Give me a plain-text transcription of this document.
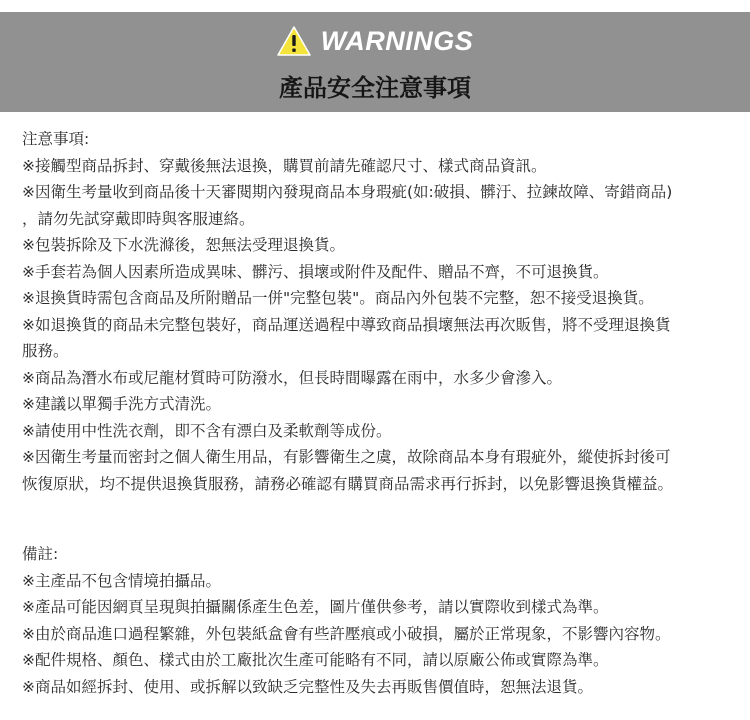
WARNINGS
產品安全注意事項
注意事項:
※接觸型商品拆封、穿戴後無法退換，購買前請先確認尺寸、樣式商品資訊。
※因衛生考量收到商品後十天審閱期內發現商品本身瑕疵(如:破損、髒汙、拉鍊故障、寄錯商品)
，請勿先試穿戴即時與客服連絡。
※包裝拆除及下水洗滌後，恕無法受理退換貨。
※手套若為個人因素所造成異味、髒污、損壞或附件及配件、贈品不齊，不可退換貨。
※退換貨時需包含商品及所附贈品一併"完整包裝"。商品內外包裝不完整，恕不接受退換貨。
※如退換貨的商品未完整包裝好，商品運送過程中導致商品損壞無法再次販售，將不受理退換貨
服務。
※商品為潛水布或尼龍材質時可防潑水，但長時間曝露在雨中，水多少會滲入。
※建議以單獨手洗方式清洗。
※請使用中性洗衣劑，即不含有漂白及柔軟劑等成份。
※因衛生考量而密封之個人衛生用品，有影響衛生之虞，故除商品本身有瑕疵外，縱使拆封後可
恢復原狀，均不提供退換貨服務，請務必確認有購買商品需求再行拆封，以免影響退換貨權益。
備註:
※主產品不包含情境拍攝品。
※產品可能因網頁呈現與拍攝關係產生色差，圖片僅供參考，請以實際收到樣式為準。
※由於商品進口過程繁雜，外包裝紙盒會有些許壓痕或小破損，屬於正常現象，不影響內容物。
※配件規格、顏色、樣式由於工廠批次生產可能略有不同，請以原廠公佈或實際為準。
※商品如經拆封、使用、或拆解以致缺乏完整性及失去再販售價值時，恕無法退貨。
